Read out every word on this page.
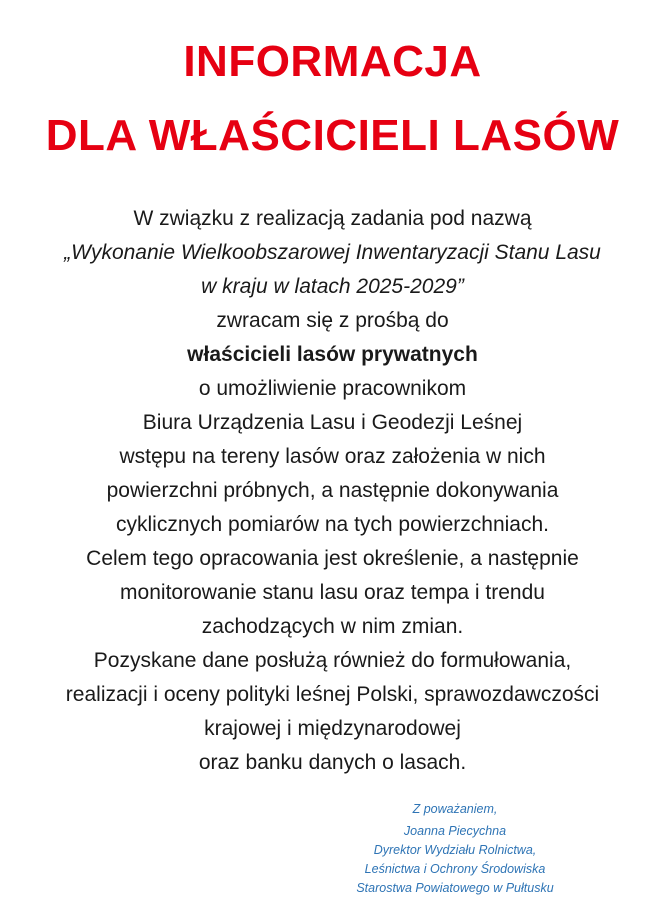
INFORMACJA
DLA WŁAŚCICIELI LASÓW
W związku z realizacją zadania pod nazwą
„Wykonanie Wielkoobszarowej Inwentaryzacji Stanu Lasu
w kraju w latach 2025-2029”
zwracam się z prośbą do
właścicieli lasów prywatnych
o umożliwienie pracownikom
Biura Urządzenia Lasu i Geodezji Leśnej
wstępu na tereny lasów oraz założenia w nich
powierzchni próbnych, a następnie dokonywania
cyklicznych pomiarów na tych powierzchniach.
Celem tego opracowania jest określenie, a następnie
monitorowanie stanu lasu oraz tempa i trendu
zachodzących w nim zmian.
Pozyskane dane posłużą również do formułowania,
realizacji i oceny polityki leśnej Polski, sprawozdawczości
krajowej i międzynarodowej
oraz banku danych o lasach.
Z poważaniem,
Joanna Piecychna
Dyrektor Wydziału Rolnictwa,
Leśnictwa i Ochrony Środowiska
Starostwa Powiatowego w Pułtusku
